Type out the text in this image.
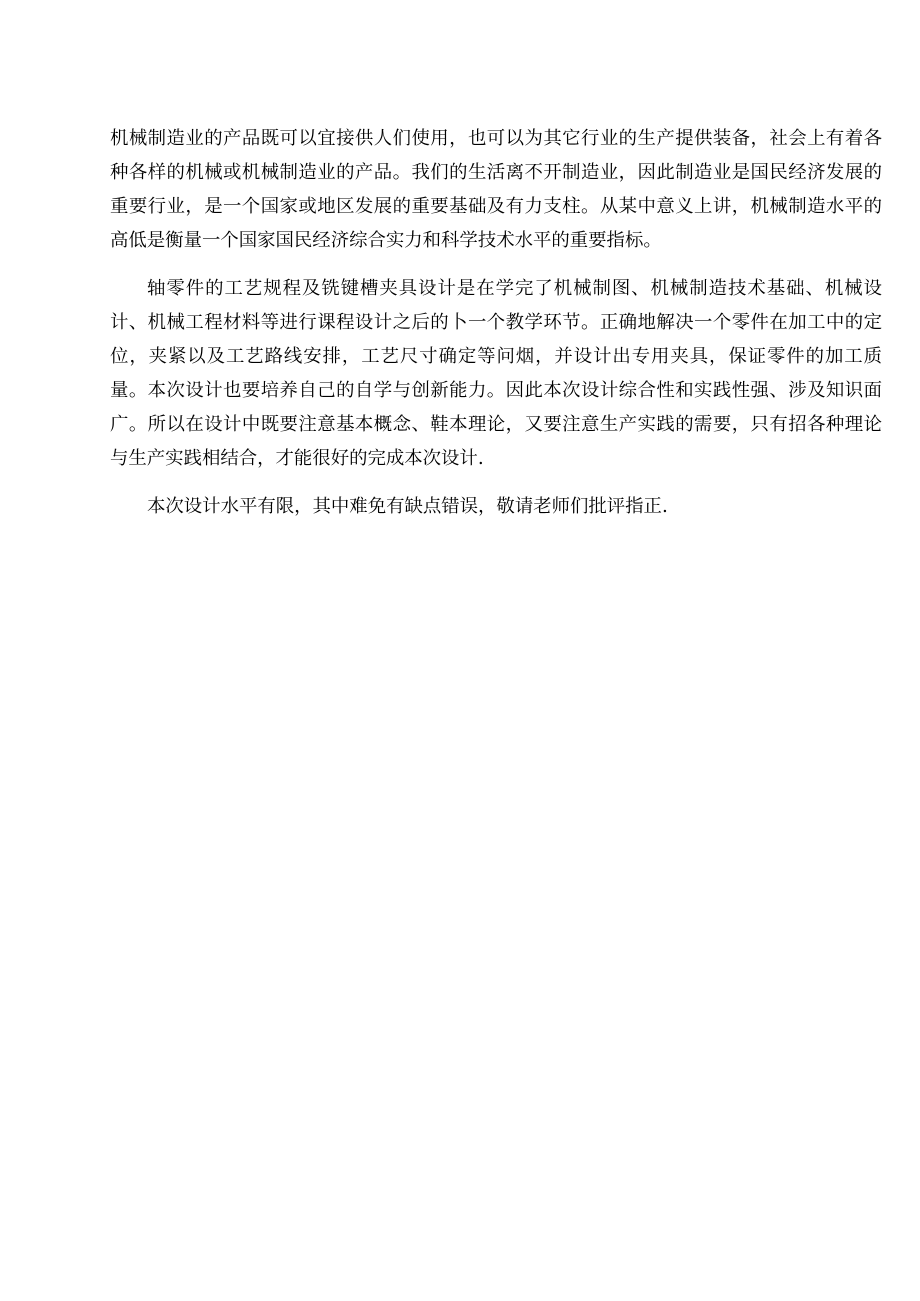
机械制造业的产品既可以宜接供人们使用，也可以为其它行业的生产提供装备，社会上有着各种各样的机械或机械制造业的产品。我们的生活离不开制造业，因此制造业是国民经济发展的重要行业，是一个国家或地区发展的重要基础及有力支柱。从某中意义上讲，机械制造水平的高低是衡量一个国家国民经济综合实力和科学技术水平的重要指标。

轴零件的工艺规程及铣键槽夹具设计是在学完了机械制图、机械制造技术基础、机械设计、机械工程材料等进行课程设计之后的卜一个教学环节。正确地解决一个零件在加工中的定位，夹紧以及工艺路线安排，工艺尺寸确定等问烟，并设计出专用夹具，保证零件的加工质量。本次设计也要培养自己的自学与创新能力。因此本次设计综合性和实践性强、涉及知识面广。所以在设计中既要注意基本概念、鞋本理论，又要注意生产实践的需要，只有招各种理论与生产实践相结合，才能很好的完成本次设计.

本次设计水平有限，其中难免有缺点错误，敬请老师们批评指正.
